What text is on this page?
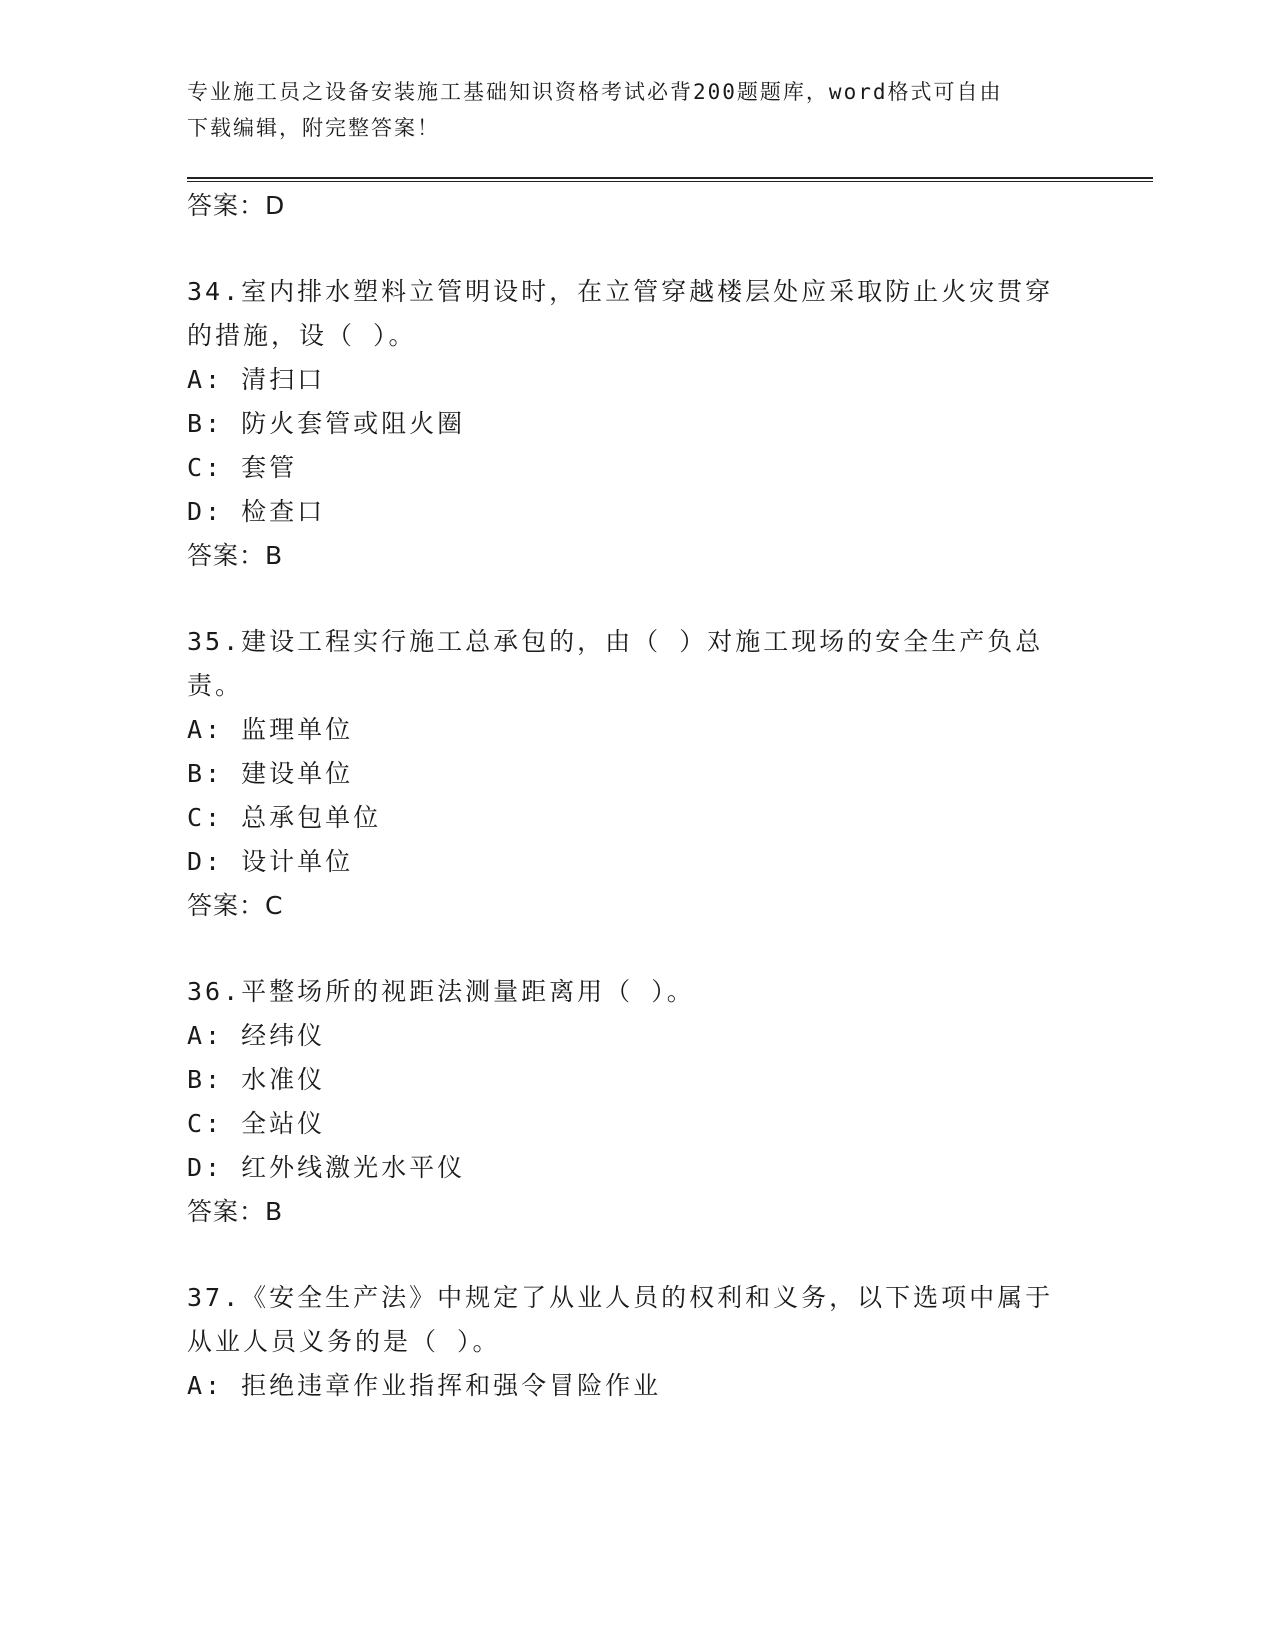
专业施工员之设备安装施工基础知识资格考试必背200题题库，word格式可自由
下载编辑，附完整答案！
答案：D
34.室内排水塑料立管明设时，在立管穿越楼层处应采取防止火灾贯穿
的措施，设（ ）。
A: 清扫口
B: 防火套管或阻火圈
C: 套管
D: 检查口
答案：B
35.建设工程实行施工总承包的，由（ ）对施工现场的安全生产负总
责。
A: 监理单位
B: 建设单位
C: 总承包单位
D: 设计单位
答案：C
36.平整场所的视距法测量距离用（ ）。
A: 经纬仪
B: 水准仪
C: 全站仪
D: 红外线激光水平仪
答案：B
37.《安全生产法》中规定了从业人员的权利和义务，以下选项中属于
从业人员义务的是（ ）。
A: 拒绝违章作业指挥和强令冒险作业
